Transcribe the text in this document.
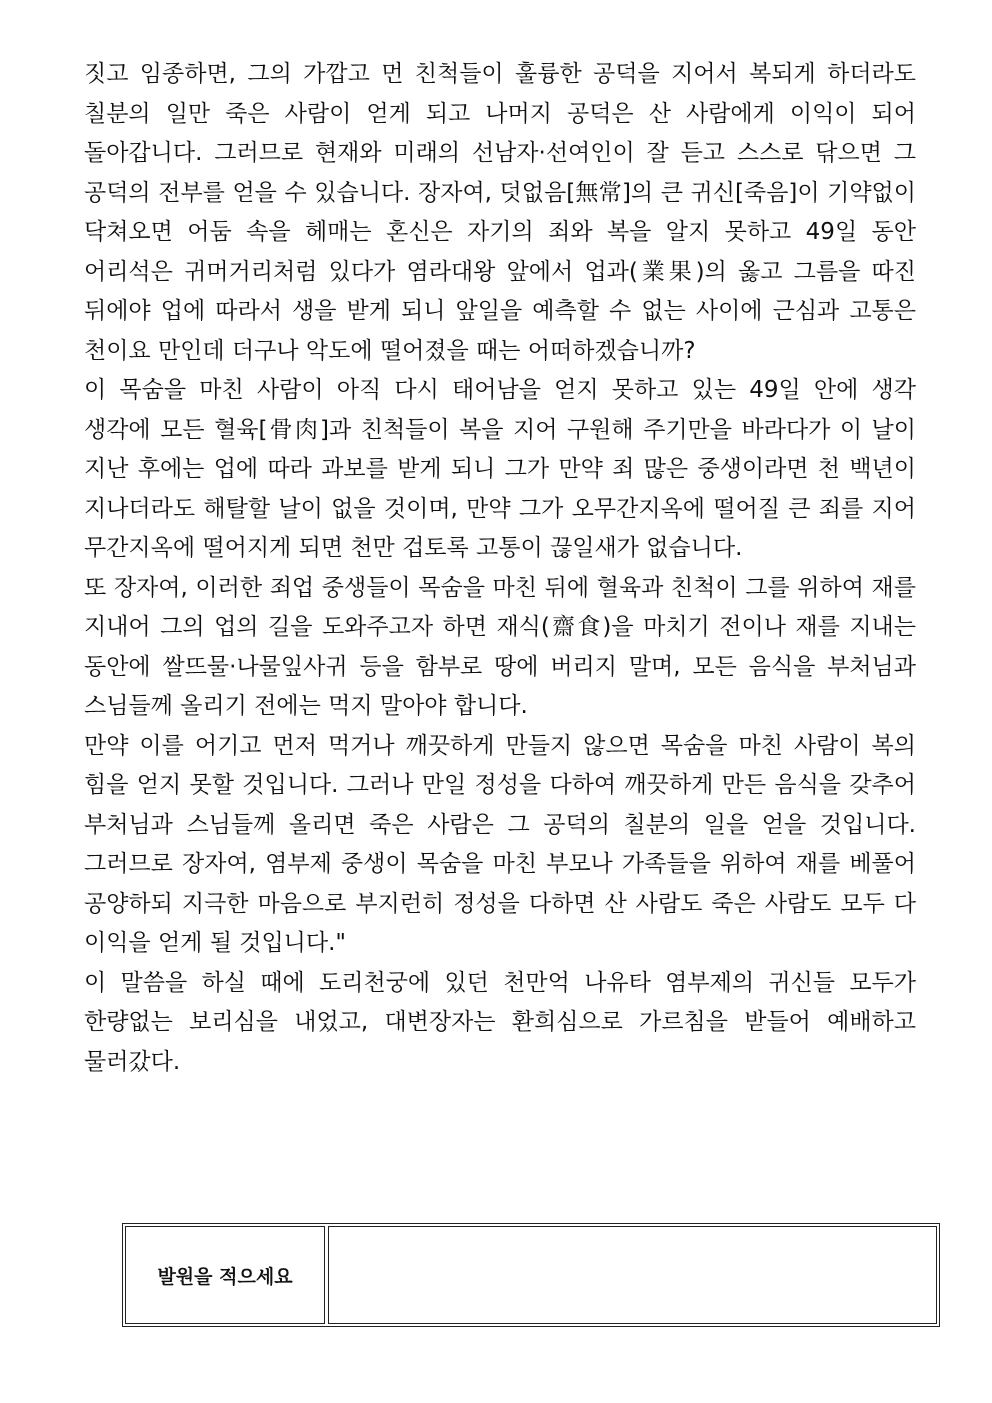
짓고 임종하면, 그의 가깝고 먼 친척들이 훌륭한 공덕을 지어서 복되게 하더라도 칠분의 일만 죽은 사람이 얻게 되고 나머지 공덕은 산 사람에게 이익이 되어 돌아갑니다. 그러므로 현재와 미래의 선남자·선여인이 잘 듣고 스스로 닦으면 그 공덕의 전부를 얻을 수 있습니다. 장자여, 덧없음[無常]의 큰 귀신[죽음]이 기약없이 닥쳐오면 어둠 속을 헤매는 혼신은 자기의 죄와 복을 알지 못하고 49일 동안 어리석은 귀머거리처럼 있다가 염라대왕 앞에서 업과(業果)의 옳고 그름을 따진 뒤에야 업에 따라서 생을 받게 되니 앞일을 예측할 수 없는 사이에 근심과 고통은 천이요 만인데 더구나 악도에 떨어졌을 때는 어떠하겠습니까?

이 목숨을 마친 사람이 아직 다시 태어남을 얻지 못하고 있는 49일 안에 생각 생각에 모든 혈육[骨肉]과 친척들이 복을 지어 구원해 주기만을 바라다가 이 날이 지난 후에는 업에 따라 과보를 받게 되니 그가 만약 죄 많은 중생이라면 천 백년이 지나더라도 해탈할 날이 없을 것이며, 만약 그가 오무간지옥에 떨어질 큰 죄를 지어 무간지옥에 떨어지게 되면 천만 겁토록 고통이 끊일새가 없습니다.

또 장자여, 이러한 죄업 중생들이 목숨을 마친 뒤에 혈육과 친척이 그를 위하여 재를 지내어 그의 업의 길을 도와주고자 하면 재식(齋食)을 마치기 전이나 재를 지내는 동안에 쌀뜨물·나물잎사귀 등을 함부로 땅에 버리지 말며, 모든 음식을 부처님과 스님들께 올리기 전에는 먹지 말아야 합니다.

만약 이를 어기고 먼저 먹거나 깨끗하게 만들지 않으면 목숨을 마친 사람이 복의 힘을 얻지 못할 것입니다. 그러나 만일 정성을 다하여 깨끗하게 만든 음식을 갖추어 부처님과 스님들께 올리면 죽은 사람은 그 공덕의 칠분의 일을 얻을 것입니다. 그러므로 장자여, 염부제 중생이 목숨을 마친 부모나 가족들을 위하여 재를 베풀어 공양하되 지극한 마음으로 부지런히 정성을 다하면 산 사람도 죽은 사람도 모두 다 이익을 얻게 될 것입니다."

이 말씀을 하실 때에 도리천궁에 있던 천만억 나유타 염부제의 귀신들 모두가 한량없는 보리심을 내었고, 대변장자는 환희심으로 가르침을 받들어 예배하고 물러갔다.

발원을 적으세요
